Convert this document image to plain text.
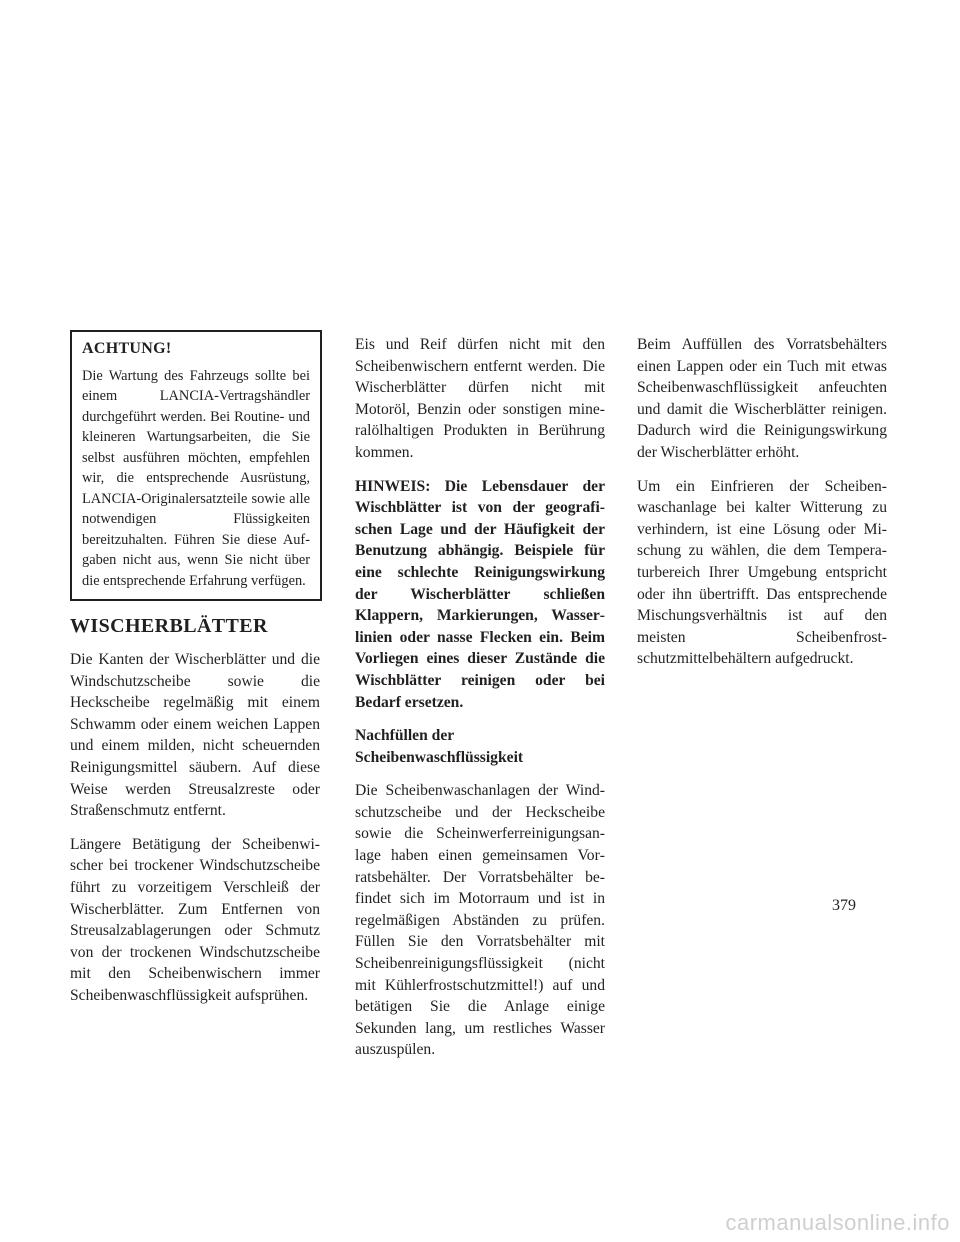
ACHTUNG!

Die Wartung des Fahrzeugs sollte bei einem LANCIA-Vertragshändler durchgeführt werden. Bei Routine- und kleineren Wartungsarbeiten, die Sie selbst ausführen möchten, empfehlen wir, die entsprechende Ausrüstung, LANCIA-Originalersatzteile sowie alle notwendigen Flüssigkeiten bereitzuhalten. Führen Sie diese Aufgaben nicht aus, wenn Sie nicht über die entsprechende Erfahrung verfügen.

WISCHERBLÄTTER

Die Kanten der Wischerblätter und die Windschutzscheibe sowie die Heckscheibe regelmäßig mit einem Schwamm oder einem weichen Lappen und einem milden, nicht scheuernden Reinigungsmittel säubern. Auf diese Weise werden Streusalzreste oder Straßenschmutz entfernt.

Längere Betätigung der Scheibenwischer bei trockener Windschutzscheibe führt zu vorzeitigem Verschleiß der Wischerblätter. Zum Entfernen von Streusalzablagerungen oder Schmutz von der trockenen Windschutzscheibe mit den Scheibenwischern immer Scheibenwaschflüssigkeit aufsprühen.

Eis und Reif dürfen nicht mit den Scheibenwischern entfernt werden. Die Wischerblätter dürfen nicht mit Motoröl, Benzin oder sonstigen mineralölhaltigen Produkten in Berührung kommen.

HINWEIS: Die Lebensdauer der Wischblätter ist von der geografischen Lage und der Häufigkeit der Benutzung abhängig. Beispiele für eine schlechte Reinigungswirkung der Wischerblätter schließen Klappern, Markierungen, Wasserlinien oder nasse Flecken ein. Beim Vorliegen eines dieser Zustände die Wischblätter reinigen oder bei Bedarf ersetzen.

Nachfüllen der
Scheibenwaschflüssigkeit

Die Scheibenwaschanlagen der Windschutzscheibe und der Heckscheibe sowie die Scheinwerferreinigungsanlage haben einen gemeinsamen Vorratsbehälter. Der Vorratsbehälter befindet sich im Motorraum und ist in regelmäßigen Abständen zu prüfen. Füllen Sie den Vorratsbehälter mit Scheibenreinigungsflüssigkeit (nicht mit Kühlerfrostschutzmittel!) auf und betätigen Sie die Anlage einige Sekunden lang, um restliches Wasser auszuspülen.

Beim Auffüllen des Vorratsbehälters einen Lappen oder ein Tuch mit etwas Scheibenwaschflüssigkeit anfeuchten und damit die Wischerblätter reinigen. Dadurch wird die Reinigungswirkung der Wischerblätter erhöht.

Um ein Einfrieren der Scheibenwaschanlage bei kalter Witterung zu verhindern, ist eine Lösung oder Mischung zu wählen, die dem Temperaturbereich Ihrer Umgebung entspricht oder ihn übertrifft. Das entsprechende Mischungsverhältnis ist auf den meisten Scheibenfrostschutzmittelbehältern aufgedruckt.

379
carmanualsonline.info
